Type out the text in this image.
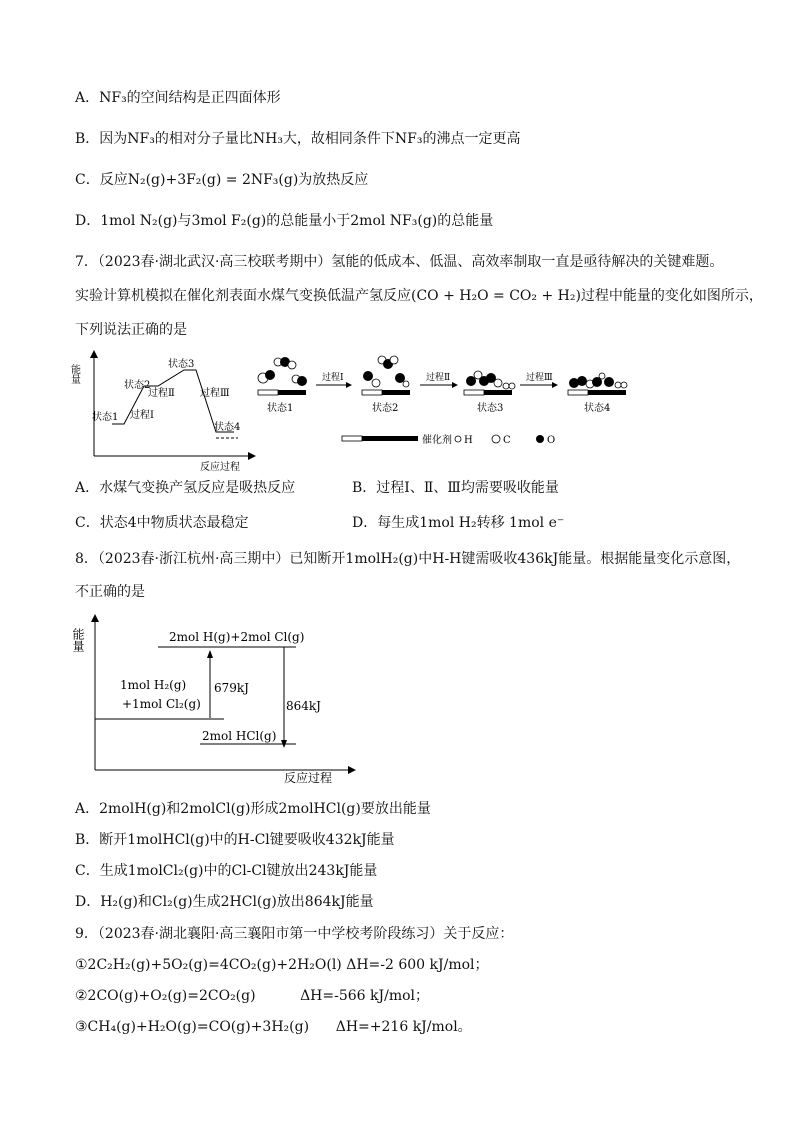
A．NF₃的空间结构是正四面体形
B．因为NF₃的相对分子量比NH₃大，故相同条件下NF₃的沸点一定更高
C．反应N₂(g)+3F₂(g) = 2NF₃(g)为放热反应
D．1mol N₂(g)与3mol F₂(g)的总能量小于2mol NF₃(g)的总能量
7．（2023春·湖北武汉·高三校联考期中）氢能的低成本、低温、高效率制取一直是亟待解决的关键难题。
实验计算机模拟在催化剂表面水煤气变换低温产氢反应(CO + H₂O = CO₂ + H₂)过程中能量的变化如图所示，
下列说法正确的是
能量
反应过程
状态1
状态2
状态3
状态4
过程Ⅰ
过程Ⅱ	过程Ⅲ
状态1
过程Ⅰ
状态2
过程Ⅱ
状态3
过程Ⅲ
状态4
催化剂 H	C	O
A．水煤气变换产氢反应是吸热反应	B．过程Ⅰ、Ⅱ、Ⅲ均需要吸收能量
C．状态4中物质状态最稳定	D．每生成1mol H₂转移 1mol e⁻
8．（2023春·浙江杭州·高三期中）已知断开1molH₂(g)中H-H键需吸收436kJ能量。根据能量变化示意图，
不正确的是
能量
反应过程
2mol H(g)+2mol Cl(g)
1mol H₂(g)
+1mol Cl₂(g)
2mol HCl(g)
679kJ
864kJ
A．2molH(g)和2molCl(g)形成2molHCl(g)要放出能量
B．断开1molHCl(g)中的H-Cl键要吸收432kJ能量
C．生成1molCl₂(g)中的Cl-Cl键放出243kJ能量
D．H₂(g)和Cl₂(g)生成2HCl(g)放出864kJ能量
9．（2023春·湖北襄阳·高三襄阳市第一中学校考阶段练习）关于反应：
①2C₂H₂(g)+5O₂(g)=4CO₂(g)+2H₂O(l) ΔH=-2 600 kJ/mol；
②2CO(g)+O₂(g)=2CO₂(g)          ΔH=-566 kJ/mol；
③CH₄(g)+H₂O(g)=CO(g)+3H₂(g)      ΔH=+216 kJ/mol。
